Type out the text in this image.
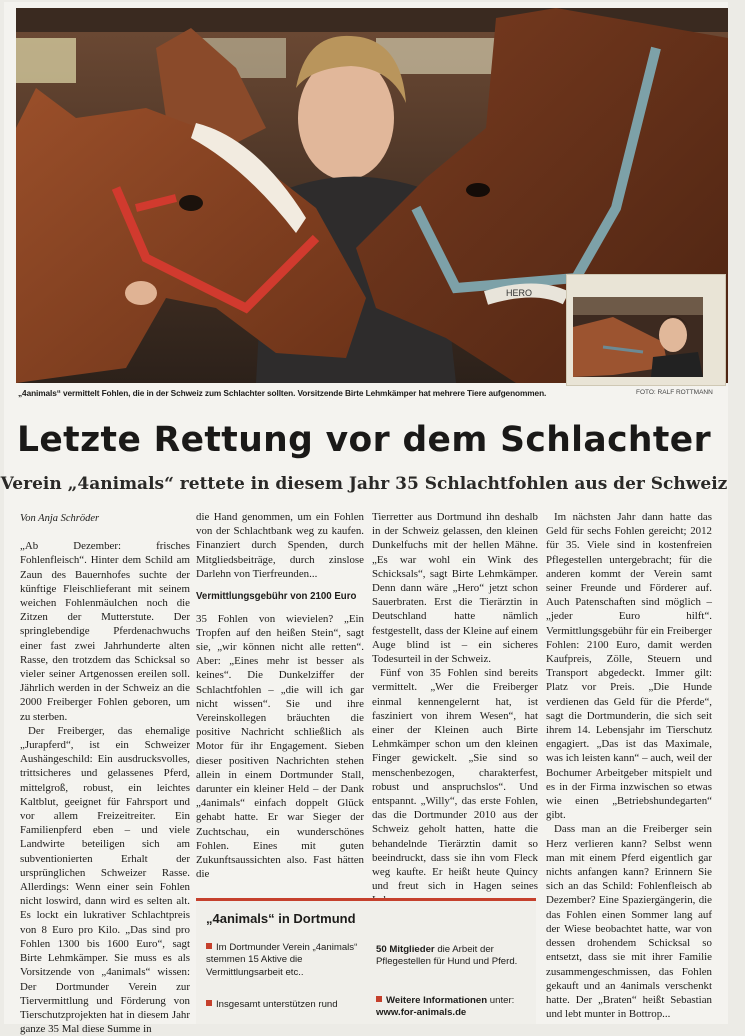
HERO
„4animals“ vermittelt Fohlen, die in der Schweiz zum Schlachter sollten. Vorsitzende Birte Lehmkämper hat mehrere Tiere aufgenommen.	FOTO: RALF ROTTMANN
Letzte Rettung vor dem Schlachter
Verein „4animals“ rettete in diesem Jahr 35 Schlachtfohlen aus der Schweiz
Von Anja Schröder

„Ab Dezember: frisches Fohlenfleisch“. Hinter dem Schild am Zaun des Bauernhofes suchte der künftige Fleischlieferant mit seinem weichen Fohlenmäulchen noch die Zitzen der Mutterstute. Der springlebendige Pferdenachwuchs einer fast zwei Jahrhunderte alten Rasse, den trotzdem das Schicksal so vieler seiner Artgenossen ereilen soll. Jährlich werden in der Schweiz an die 2000 Freiberger Fohlen geboren, um zu sterben.

Der Freiberger, das ehemalige „Jurapferd“, ist ein Schweizer Aushängeschild: Ein ausdrucksvolles, trittsicheres und gelassenes Pferd, mittelgroß, robust, ein leichtes Kaltblut, geeignet für Fahrsport und vor allem Freizeitreiter. Ein Familienpferd eben – und viele Landwirte beteiligen sich am subventionierten Erhalt der ursprünglichen Schweizer Rasse. Allerdings: Wenn einer sein Fohlen nicht loswird, dann wird es selten alt. Es lockt ein lukrativer Schlachtpreis von 8 Euro pro Kilo. „Das sind pro Fohlen 1300 bis 1600 Euro“, sagt Birte Lehmkämper. Sie muss es als Vorsitzende von „4animals“ wissen: Der Dortmunder Verein zur Tiervermittlung und Förderung von Tierschutzprojekten hat in diesem Jahr ganze 35 Mal diese Summe in

die Hand genommen, um ein Fohlen von der Schlachtbank weg zu kaufen. Finanziert durch Spenden, durch Mitgliedsbeiträge, durch zinslose Darlehn von Tierfreunden...

Vermittlungsgebühr von 2100 Euro

35 Fohlen von wievielen? „Ein Tropfen auf den heißen Stein“, sagt sie, „wir können nicht alle retten“. Aber: „Eines mehr ist besser als keines“. Die Dunkelziffer der Schlachtfohlen – „die will ich gar nicht wissen“. Sie und ihre Vereinskollegen bräuchten die positive Nachricht schließlich als Motor für ihr Engagement. Sieben dieser positiven Nachrichten stehen allein in einem Dortmunder Stall, darunter ein kleiner Held – der Dank „4animals“ einfach doppelt Glück gehabt hatte. Er war Sieger der Zuchtschau, ein wunderschönes Fohlen. Eines mit guten Zukunftsaussichten also. Fast hätten die

Tierretter aus Dortmund ihn deshalb in der Schweiz gelassen, den kleinen Dunkelfuchs mit der hellen Mähne. „Es war wohl ein Wink des Schicksals“, sagt Birte Lehmkämper. Denn dann wäre „Hero“ jetzt schon Sauerbraten. Erst die Tierärztin in Deutschland hatte nämlich festgestellt, dass der Kleine auf einem Auge blind ist – ein sicheres Todesurteil in der Schweiz.

Fünf von 35 Fohlen sind bereits vermittelt. „Wer die Freiberger einmal kennengelernt hat, ist fasziniert von ihrem Wesen“, hat einer der Kleinen auch Birte Lehmkämper schon um den kleinen Finger gewickelt. „Sie sind so menschenbezogen, charakterfest, robust und anspruchslos“. Und entspannt. „Willy“, das erste Fohlen, das die Dortmunder 2010 aus der Schweiz geholt hatten, hatte die behandelnde Tierärztin damit so beeindruckt, dass sie ihn vom Fleck weg kaufte. Er heißt heute Quincy und freut sich in Hagen seines

Im nächsten Jahr dann hatte das Geld für sechs Fohlen gereicht; 2012 für 35. Viele sind in kostenfreien Pflegestellen untergebracht; für die anderen kommt der Verein samt seiner Freunde und Förderer auf. Auch Patenschaften sind möglich – „jeder Euro hilft“. Vermittlungsgebühr für ein Freiberger Fohlen: 2100 Euro, damit werden Kaufpreis, Zölle, Steuern und Transport abgedeckt. Immer gilt: Platz vor Preis. „Die Hunde verdienen das Geld für die Pferde“, sagt die Dortmunderin, die sich seit ihrem 14. Lebensjahr im Tierschutz engagiert. „Das ist das Maximale, was ich leisten kann“ – auch, weil der Bochumer Arbeitgeber mitspielt und es in der Firma inzwischen so etwas wie einen „Betriebshundegarten“ gibt.

Dass man an die Freiberger sein Herz verlieren kann? Selbst wenn man mit einem Pferd eigentlich gar nichts anfangen kann? Erinnern Sie sich an das Schild: Fohlenfleisch ab Dezember? Eine Spaziergängerin, die das Fohlen einen Sommer lang auf der Wiese beobachtet hatte, war von dessen drohendem Schicksal so entsetzt, dass sie mit ihrer Familie zusammengeschmissen, das Fohlen gekauft und an 4animals verschenkt hatte. Der „Braten“ heißt Sebastian und lebt munter in Bottrop...

„4animals“ in Dortmund
Im Dortmunder Verein „4animals“ stemmen 15 Aktive die Vermittlungsarbeit etc..
Insgesamt unterstützen rund
50 Mitglieder die Arbeit der Pflegestellen für Hund und Pferd.
Weitere Informationen unter:
www.for-animals.de
